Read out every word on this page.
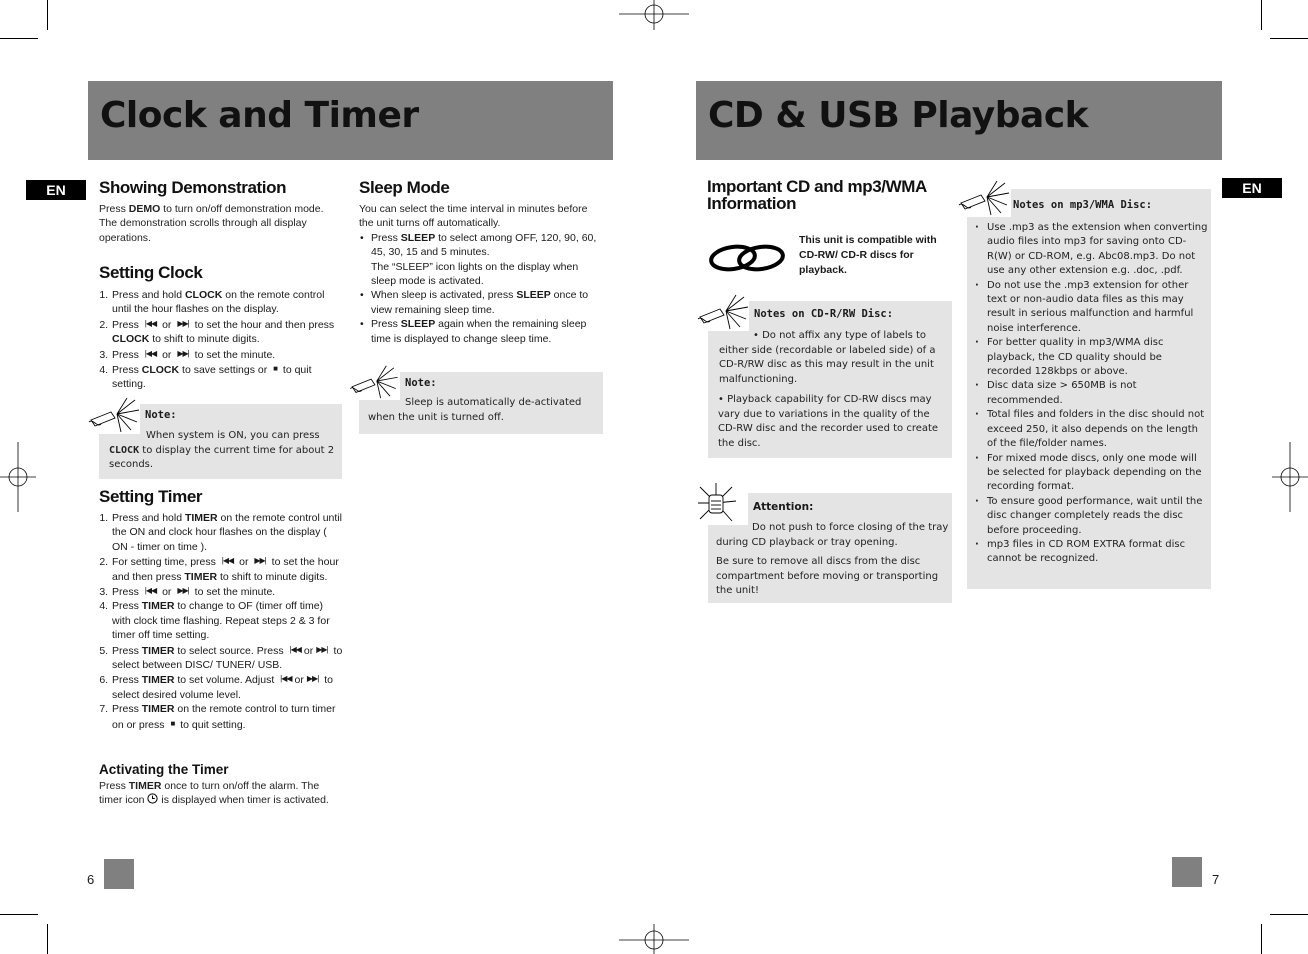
Clock and Timer
EN	Showing Demonstration
Press DEMO to turn on/off demonstration mode. The demonstration scrolls through all display operations.
Setting Clock
1. Press and hold CLOCK on the remote control until the hour flashes on the display.
2. Press |◀◀ or ▶▶| to set the hour and then press CLOCK to shift to minute digits.
3. Press |◀◀ or ▶▶| to set the minute.
4. Press CLOCK to save settings or ■ to quit setting.
Note:
When system is ON, you can press
CLOCK to display the current time for about 2 seconds.
Setting Timer
1. Press and hold TIMER on the remote control until the ON and clock hour flashes on the display ( ON - timer on time ).
2. For setting time, press |◀◀ or ▶▶| to set the hour and then press TIMER to shift to minute digits.
3. Press |◀◀ or ▶▶| to set the minute.
4. Press TIMER to change to OF (timer off time) with clock time flashing. Repeat steps 2 & 3 for timer off time setting.
5. Press TIMER to select source. Press |◀◀ or ▶▶| to select between DISC/ TUNER/ USB.
6. Press TIMER to set volume. Adjust |◀◀ or ▶▶| to select desired volume level.
7. Press TIMER on the remote control to turn timer on or press ■ to quit setting.
Activating the Timer
Press TIMER once to turn on/off the alarm. The timer icon  is displayed when timer is activated.
Sleep Mode
You can select the time interval in minutes before the unit turns off automatically.
• Press SLEEP to select among OFF, 120, 90, 60, 45, 30, 15 and 5 minutes.
The “SLEEP” icon lights on the display when sleep mode is activated.
• When sleep is activated, press SLEEP once to view remaining sleep time.
• Press SLEEP again when the remaining sleep time is displayed to change sleep time.
Note:
Sleep is automatically de-activated when the unit is turned off.
6
CD & USB Playback
EN
Important CD and mp3/WMA Information
This unit is compatible with CD-RW/ CD-R discs for playback.
Notes on CD-R/RW Disc:
• Do not affix any type of labels to either side (recordable or labeled side) of a CD-R/RW disc as this may result in the unit malfunctioning.
• Playback capability for CD-RW discs may vary due to variations in the quality of the CD-RW disc and the recorder used to create the disc.
Attention:
Do not push to force closing of the tray during CD playback or tray opening.
Be sure to remove all discs from the disc compartment before moving or transporting the unit!
Notes on mp3/WMA Disc:
· Use .mp3 as the extension when converting audio files into mp3 for saving onto CD-R(W) or CD-ROM, e.g. Abc08.mp3. Do not use any other extension e.g. .doc, .pdf.
· Do not use the .mp3 extension for other text or non-audio data files as this may result in serious malfunction and harmful noise interference.
· For better quality in mp3/WMA disc playback, the CD quality should be recorded 128kbps or above.
· Disc data size > 650MB is not recommended.
· Total files and folders in the disc should not exceed 250, it also depends on the length of the file/folder names.
· For mixed mode discs, only one mode will be selected for playback depending on the recording format.
· To ensure good performance, wait until the disc changer completely reads the disc before proceeding.
· mp3 files in CD ROM EXTRA format disc cannot be recognized.
7
